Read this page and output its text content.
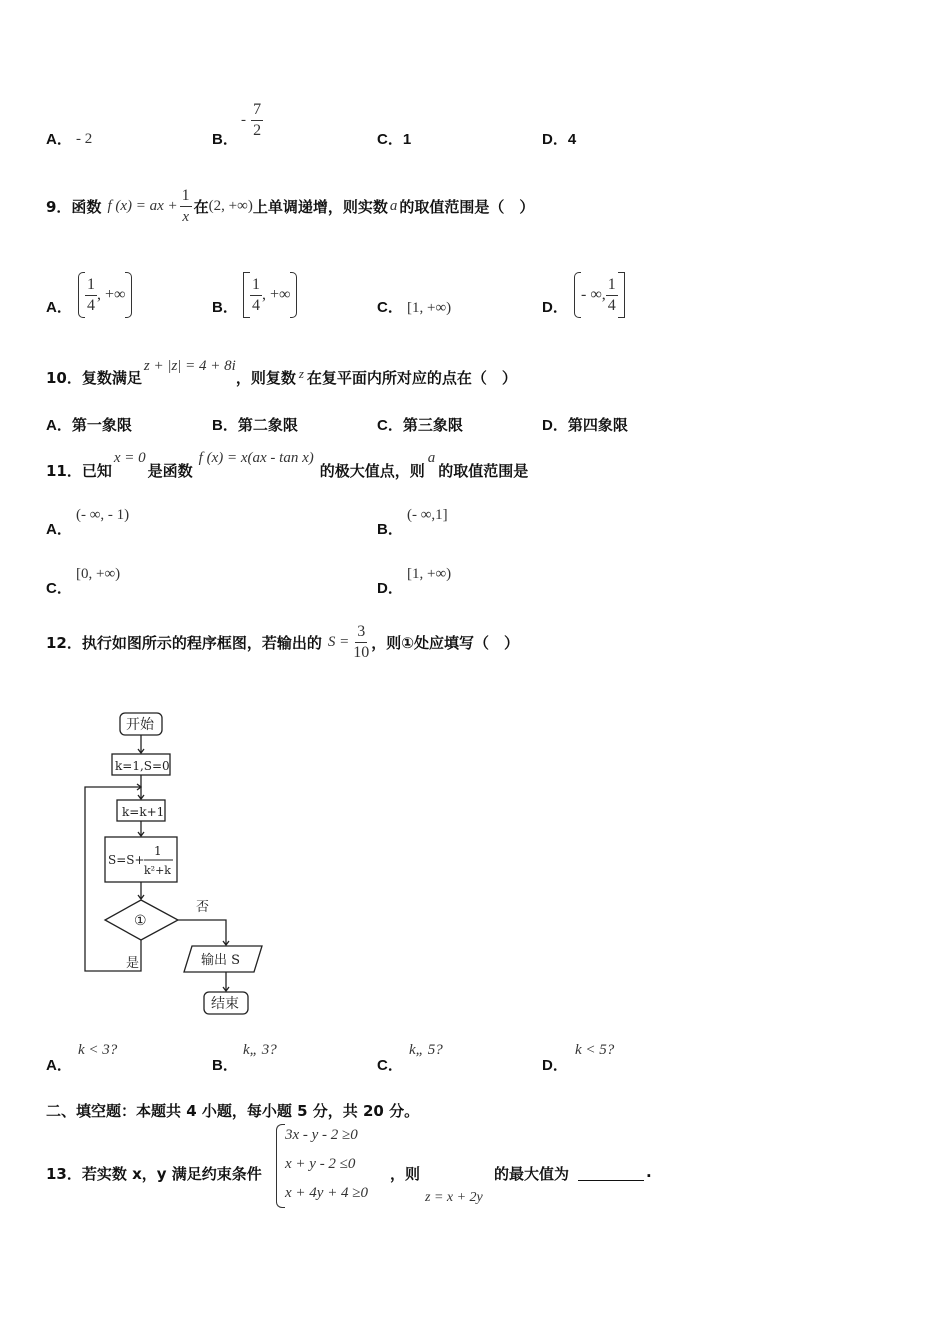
A． - 2	B．
- $\frac{7}{2}$	C．1	D．4
9．函数 f (x) = ax + $\frac{1}{x}$ 在 (2, +∞) 上单调递增，则实数 a 的取值范围是（　）
A． $\frac{1}{4}$ , +∞
B． $\frac{1}{4}$ , +∞
C． [1, +∞)	D．
- ∞, $\frac{1}{4}$
10．复数满足
z + |z| = 4 + 8i
，则复数 z 在复平面内所对应的点在（　）
A．第一象限	B．第二象限	C．第三象限	D．第四象限
11．已知
x = 0
是函数
f (x) = x(ax - tan x)
的极大值点，则
a
的取值范围是
A．
(- ∞, - 1)
B．
(- ∞,1]
C．
[0, +∞)
D．
[1, +∞)
12．执行如图所示的程序框图，若输出的 $S = \frac{3}{10}$ ，则①处应填写（　）
开始
k=1,S=0
k=k+1
S=S+
1
k²+k
①
否
是	输出 S
结束
A．
k < 3?
B．
k„ 3?
C．
k„ 5?
D．
k < 5?
二、填空题：本题共 4 小题，每小题 5 分，共 20 分。
13．若实数 x，y 满足约束条件
3x - y - 2 ≥0
x + y - 2 ≤0
x + 4y + 4 ≥0
，则
z = x + 2y
的最大值为	.
